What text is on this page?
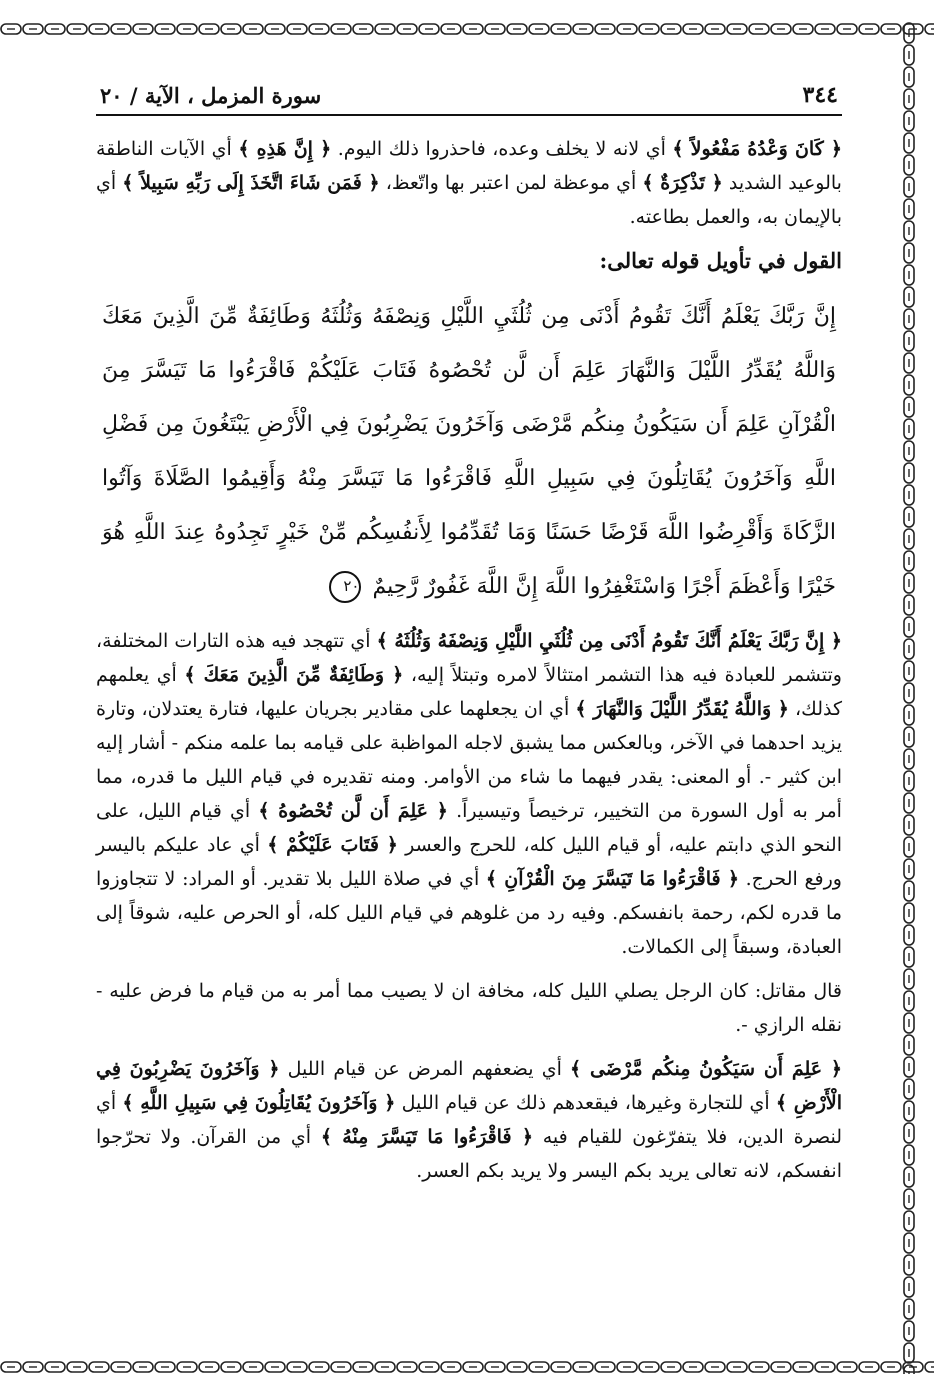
٣٤٤
سورة المزمل ، الآية / ٢٠

﴿ كَانَ وَعْدُهُ مَفْعُولاً ﴾ أي لانه لا يخلف وعده، فاحذروا ذلك اليوم. ﴿ إِنَّ هَذِهِ ﴾ أي الآيات الناطقة بالوعيد الشديد ﴿ تَذْكِرَةٌ ﴾ أي موعظة لمن اعتبر بها واتّعظ، ﴿ فَمَن شَاءَ اتَّخَذَ إِلَى رَبِّهِ سَبِيلاً ﴾ أي بالإيمان به، والعمل بطاعته.

القول في تأويل قوله تعالى:
إِنَّ رَبَّكَ يَعْلَمُ أَنَّكَ تَقُومُ أَدْنَى مِن ثُلُثَيِ اللَّيْلِ وَنِصْفَهُ وَثُلُثَهُ وَطَائِفَةٌ مِّنَ الَّذِينَ مَعَكَ وَاللَّهُ يُقَدِّرُ اللَّيْلَ وَالنَّهَارَ عَلِمَ أَن لَّن تُحْصُوهُ فَتَابَ عَلَيْكُمْ فَاقْرَءُوا مَا تَيَسَّرَ مِنَ الْقُرْآنِ عَلِمَ أَن سَيَكُونُ مِنكُم مَّرْضَى وَآخَرُونَ يَضْرِبُونَ فِي الْأَرْضِ يَبْتَغُونَ مِن فَضْلِ اللَّهِ وَآخَرُونَ يُقَاتِلُونَ فِي سَبِيلِ اللَّهِ فَاقْرَءُوا مَا تَيَسَّرَ مِنْهُ وَأَقِيمُوا الصَّلَاةَ وَآتُوا الزَّكَاةَ وَأَقْرِضُوا اللَّهَ قَرْضًا حَسَنًا وَمَا تُقَدِّمُوا لِأَنفُسِكُم مِّنْ خَيْرٍ تَجِدُوهُ عِندَ اللَّهِ هُوَ خَيْرًا وَأَعْظَمَ أَجْرًا وَاسْتَغْفِرُوا اللَّهَ إِنَّ اللَّهَ غَفُورٌ رَّحِيمٌ ٢٠

﴿ إِنَّ رَبَّكَ يَعْلَمُ أَنَّكَ تَقُومُ أَدْنَى مِن ثُلُثَيِ اللَّيْلِ وَنِصْفَهُ وَثُلُثَهُ ﴾ أي تتهجد فيه هذه التارات المختلفة، وتتشمر للعبادة فيه هذا التشمر امتثالاً لامره وتبتلاً إليه، ﴿ وَطَائِفَةٌ مِّنَ الَّذِينَ مَعَكَ ﴾ أي يعلمهم كذلك، ﴿ وَاللَّهُ يُقَدِّرُ اللَّيْلَ وَالنَّهَارَ ﴾ أي ان يجعلهما على مقادير بجريان عليها، فتارة يعتدلان، وتارة يزيد احدهما في الآخر، وبالعكس مما يشبق لاجله المواظبة على قيامه بما علمه منكم - أشار إليه ابن كثير -. أو المعنى: يقدر فيهما ما شاء من الأوامر. ومنه تقديره في قيام الليل ما قدره، مما أمر به أول السورة من التخيير، ترخيصاً وتيسيراً. ﴿ عَلِمَ أَن لَّن تُحْصُوهُ ﴾ أي قيام الليل، على النحو الذي دابتم عليه، أو قيام الليل كله، للحرج والعسر ﴿ فَتَابَ عَلَيْكُمْ ﴾ أي عاد عليكم باليسر ورفع الحرج. ﴿ فَاقْرَءُوا مَا تَيَسَّرَ مِنَ الْقُرْآنِ ﴾ أي في صلاة الليل بلا تقدير. أو المراد: لا تتجاوزوا ما قدره لكم، رحمة بانفسكم. وفيه رد من غلوهم في قيام الليل كله، أو الحرص عليه، شوقاً إلى العبادة، وسبقاً إلى الكمالات.

قال مقاتل: كان الرجل يصلي الليل كله، مخافة ان لا يصيب مما أمر به من قيام ما فرض عليه - نقله الرازي -.

﴿ عَلِمَ أَن سَيَكُونُ مِنكُم مَّرْضَى ﴾ أي يضعفهم المرض عن قيام الليل ﴿ وَآخَرُونَ يَضْرِبُونَ فِي الْأَرْضِ ﴾ أي للتجارة وغيرها، فيقعدهم ذلك عن قيام الليل ﴿ وَآخَرُونَ يُقَاتِلُونَ فِي سَبِيلِ اللَّهِ ﴾ أي لنصرة الدين، فلا يتفرّغون للقيام فيه ﴿ فَاقْرَءُوا مَا تَيَسَّرَ مِنْهُ ﴾ أي من القرآن. ولا تحرّجوا انفسكم، لانه تعالى يريد بكم اليسر ولا يريد بكم العسر.
